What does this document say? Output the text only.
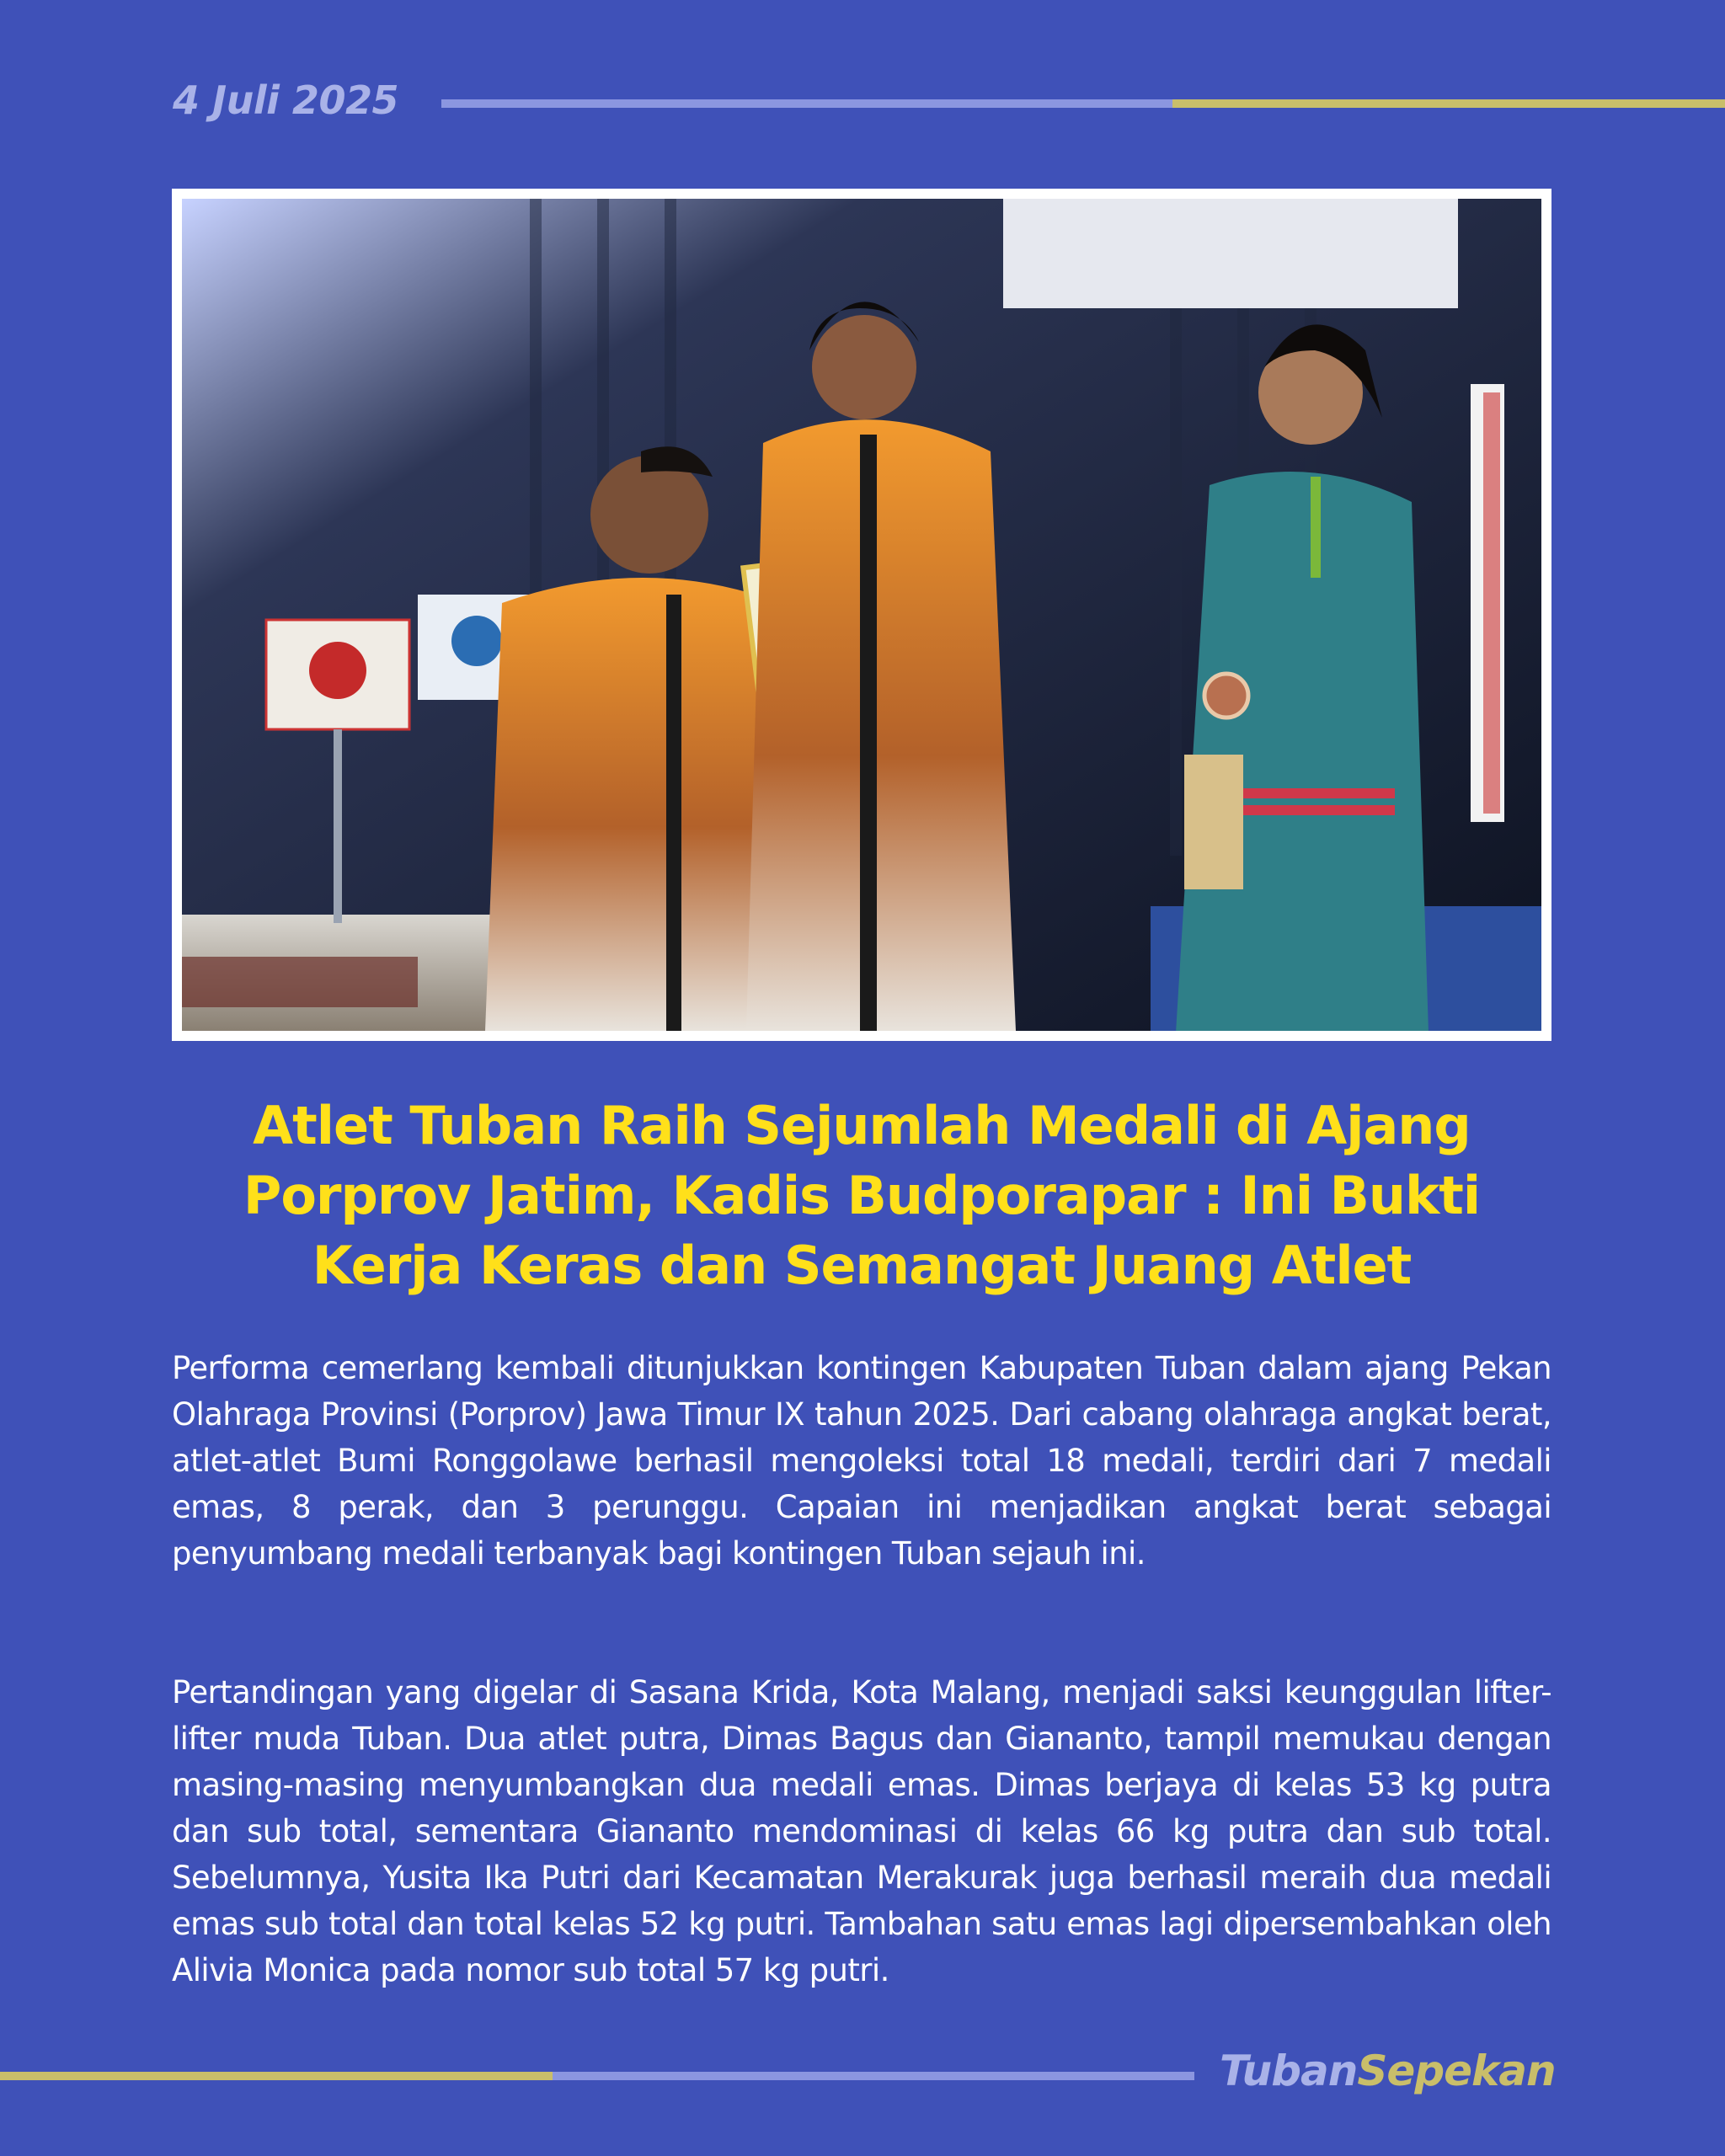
4 Juli 2025
Atlet Tuban Raih Sejumlah Medali di Ajang Porprov Jatim, Kadis Budporapar : Ini Bukti Kerja Keras dan Semangat Juang Atlet

Performa cemerlang kembali ditunjukkan kontingen Kabupaten Tuban dalam ajang Pekan Olahraga Provinsi (Porprov) Jawa Timur IX tahun 2025. Dari cabang olahraga angkat berat, atlet-atlet Bumi Ronggolawe berhasil mengoleksi total 18 medali, terdiri dari 7 medali emas, 8 perak, dan 3 perunggu. Capaian ini menjadikan angkat berat sebagai penyumbang medali terbanyak bagi kontingen Tuban sejauh ini.

Pertandingan yang digelar di Sasana Krida, Kota Malang, menjadi saksi keunggulan lifter-lifter muda Tuban. Dua atlet putra, Dimas Bagus dan Giananto, tampil memukau dengan masing-masing menyumbangkan dua medali emas. Dimas berjaya di kelas 53 kg putra dan sub total, sementara Giananto mendominasi di kelas 66 kg putra dan sub total. Sebelumnya, Yusita Ika Putri dari Kecamatan Merakurak juga berhasil meraih dua medali emas sub total dan total kelas 52 kg putri. Tambahan satu emas lagi dipersembahkan oleh Alivia Monica pada nomor sub total 57 kg putri.

TubanSepekan
